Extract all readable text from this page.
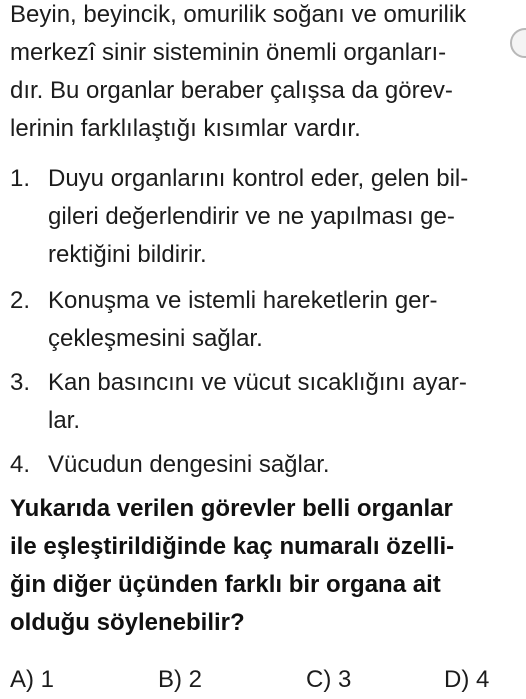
Beyin, beyincik, omurilik soğanı ve omurilik
merkezî sinir sisteminin önemli organları-
dır. Bu organlar beraber çalışsa da görev-
lerinin farklılaştığı kısımlar vardır.
1. Duyu organlarını kontrol eder, gelen bil-
gileri değerlendirir ve ne yapılması ge-
rektiğini bildirir.
2. Konuşma ve istemli hareketlerin ger-
çekleşmesini sağlar.
3. Kan basıncını ve vücut sıcaklığını ayar-
lar.
4. Vücudun dengesini sağlar.
Yukarıda verilen görevler belli organlar
ile eşleştirildiğinde kaç numaralı özelli-
ğin diğer üçünden farklı bir organa ait
olduğu söylenebilir?
A) 1	B) 2	C) 3	D) 4
